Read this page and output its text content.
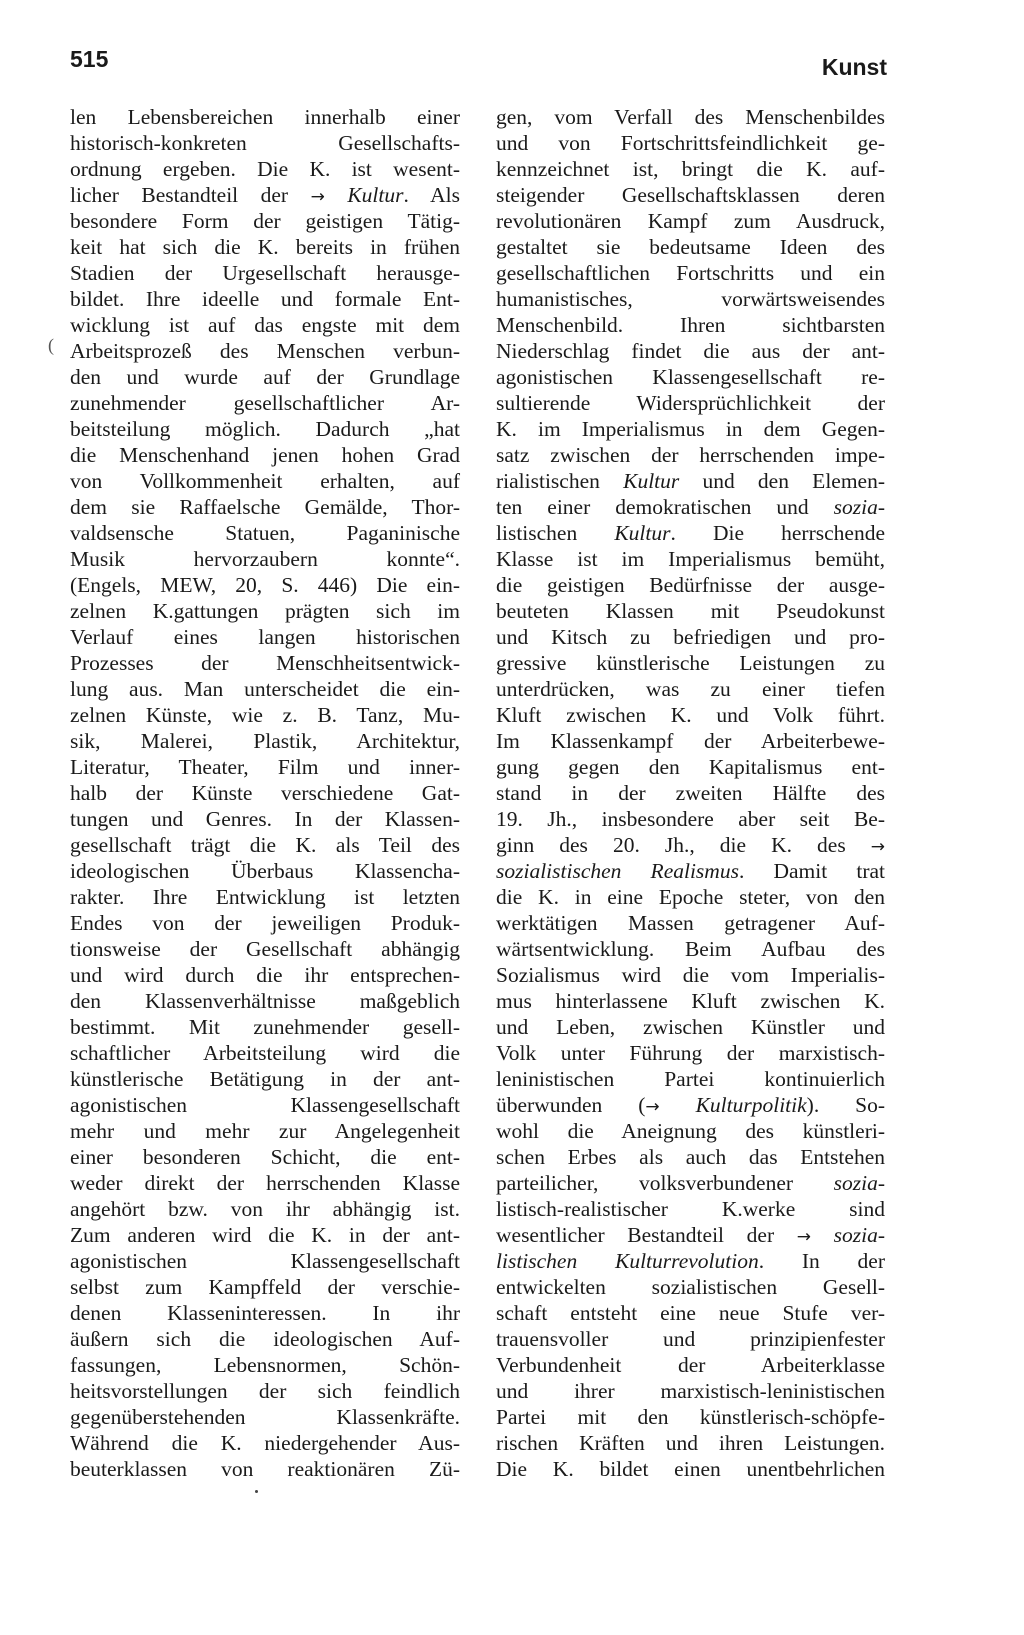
515	Kunst
(
len Lebensbereichen innerhalb einer
historisch-konkreten Gesellschafts-
ordnung ergeben. Die K. ist wesent-
licher Bestandteil der → Kultur. Als
besondere Form der geistigen Tätig-
keit hat sich die K. bereits in frühen
Stadien der Urgesellschaft herausge-
bildet. Ihre ideelle und formale Ent-
wicklung ist auf das engste mit dem
Arbeitsprozeß des Menschen verbun-
den und wurde auf der Grundlage
zunehmender gesellschaftlicher Ar-
beitsteilung möglich. Dadurch „hat
die Menschenhand jenen hohen Grad
von Vollkommenheit erhalten, auf
dem sie Raffaelsche Gemälde, Thor-
valdsensche Statuen, Paganinische
Musik hervorzaubern konnte“.
(Engels, MEW, 20, S. 446) Die ein-
zelnen K.gattungen prägten sich im
Verlauf eines langen historischen
Prozesses der Menschheitsentwick-
lung aus. Man unterscheidet die ein-
zelnen Künste, wie z. B. Tanz, Mu-
sik, Malerei, Plastik, Architektur,
Literatur, Theater, Film und inner-
halb der Künste verschiedene Gat-
tungen und Genres. In der Klassen-
gesellschaft trägt die K. als Teil des
ideologischen Überbaus Klassencha-
rakter. Ihre Entwicklung ist letzten
Endes von der jeweiligen Produk-
tionsweise der Gesellschaft abhängig
und wird durch die ihr entsprechen-
den Klassenverhältnisse maßgeblich
bestimmt. Mit zunehmender gesell-
schaftlicher Arbeitsteilung wird die
künstlerische Betätigung in der ant-
agonistischen Klassengesellschaft
mehr und mehr zur Angelegenheit
einer besonderen Schicht, die ent-
weder direkt der herrschenden Klasse
angehört bzw. von ihr abhängig ist.
Zum anderen wird die K. in der ant-
agonistischen Klassengesellschaft
selbst zum Kampffeld der verschie-
denen Klasseninteressen. In ihr
äußern sich die ideologischen Auf-
fassungen, Lebensnormen, Schön-
heitsvorstellungen der sich feindlich
gegenüberstehenden Klassenkräfte.
Während die K. niedergehender Aus-
beuterklassen von reaktionären Zü-
gen, vom Verfall des Menschenbildes
und von Fortschrittsfeindlichkeit ge-
kennzeichnet ist, bringt die K. auf-
steigender Gesellschaftsklassen deren
revolutionären Kampf zum Ausdruck,
gestaltet sie bedeutsame Ideen des
gesellschaftlichen Fortschritts und ein
humanistisches, vorwärtsweisendes
Menschenbild. Ihren sichtbarsten
Niederschlag findet die aus der ant-
agonistischen Klassengesellschaft re-
sultierende Widersprüchlichkeit der
K. im Imperialismus in dem Gegen-
satz zwischen der herrschenden impe-
rialistischen Kultur und den Elemen-
ten einer demokratischen und sozia-
listischen Kultur. Die herrschende
Klasse ist im Imperialismus bemüht,
die geistigen Bedürfnisse der ausge-
beuteten Klassen mit Pseudokunst
und Kitsch zu befriedigen und pro-
gressive künstlerische Leistungen zu
unterdrücken, was zu einer tiefen
Kluft zwischen K. und Volk führt.
Im Klassenkampf der Arbeiterbewe-
gung gegen den Kapitalismus ent-
stand in der zweiten Hälfte des
19. Jh., insbesondere aber seit Be-
ginn des 20. Jh., die K. des →
sozialistischen Realismus. Damit trat
die K. in eine Epoche steter, von den
werktätigen Massen getragener Auf-
wärtsentwicklung. Beim Aufbau des
Sozialismus wird die vom Imperialis-
mus hinterlassene Kluft zwischen K.
und Leben, zwischen Künstler und
Volk unter Führung der marxistisch-
leninistischen Partei kontinuierlich
überwunden (→ Kulturpolitik). So-
wohl die Aneignung des künstleri-
schen Erbes als auch das Entstehen
parteilicher, volksverbundener sozia-
listisch-realistischer K.werke sind
wesentlicher Bestandteil der → sozia-
listischen Kulturrevolution. In der
entwickelten sozialistischen Gesell-
schaft entsteht eine neue Stufe ver-
trauensvoller und prinzipienfester
Verbundenheit der Arbeiterklasse
und ihrer marxistisch-leninistischen
Partei mit den künstlerisch-schöpfe-
rischen Kräften und ihren Leistungen.
Die K. bildet einen unentbehrlichen
